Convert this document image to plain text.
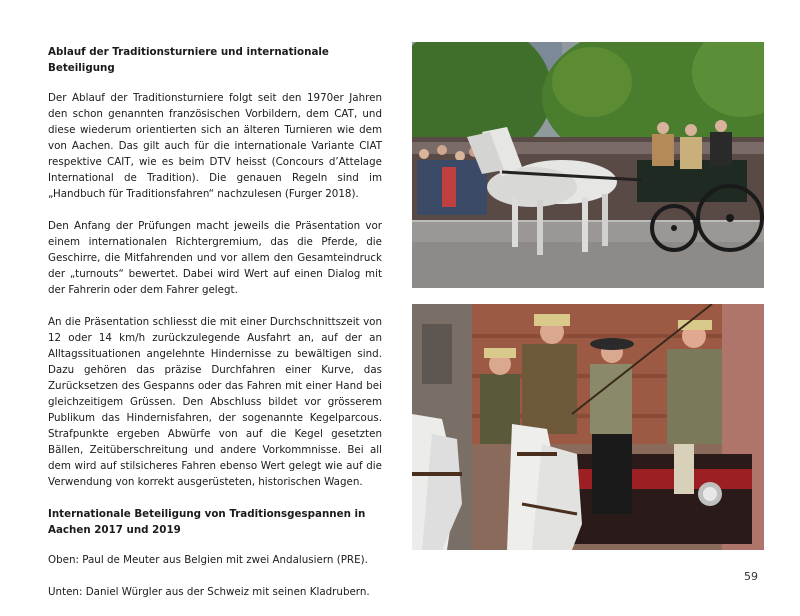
Ablauf der Traditionsturniere und internationale Beteiligung

Der Ablauf der Traditionsturniere folgt seit den 1970er Jahren den schon genannten französischen Vorbildern, dem CAT, und diese wiederum orientierten sich an älteren Turnieren wie dem von Aachen. Das gilt auch für die internationale Variante CIAT respektive CAIT, wie es beim DTV heisst (Concours d’Attelage International de Tradition). Die genauen Regeln sind im „Handbuch für Traditionsfahren“ nachzulesen (Furger 2018).

Den Anfang der Prüfungen macht jeweils die Präsentation vor einem internationalen Richtergremium, das die Pferde, die Geschirre, die Mitfahrenden und vor allem den Gesamteindruck der „turnouts“ bewertet. Dabei wird Wert auf einen Dialog mit der Fahrerin oder dem Fahrer gelegt.

An die Präsentation schliesst die mit einer Durchschnittszeit von 12 oder 14 km/h zurückzulegende Ausfahrt an, auf der an Alltagssituationen angelehnte Hindernisse zu bewältigen sind. Dazu gehören das präzise Durchfahren einer Kurve, das Zurücksetzen des Gespanns oder das Fahren mit einer Hand bei gleichzeitigem Grüssen. Den Abschluss bildet vor grösserem Publikum das Hindernisfahren, der sogenannte Kegelparcous. Strafpunkte ergeben Abwürfe von auf die Kegel gesetzten Bällen, Zeitüberschreitung und andere Vorkommnisse. Bei all dem wird auf stilsicheres Fahren ebenso Wert gelegt wie auf die Verwendung von korrekt ausgerüsteten, historischen Wagen.

Internationale Beteiligung von Traditionsgespannen in Aachen 2017 und 2019

Oben: Paul de Meuter aus Belgien mit zwei Andalusiern (PRE).

Unten: Daniel Würgler aus der Schweiz mit seinen Kladrubern.

59
